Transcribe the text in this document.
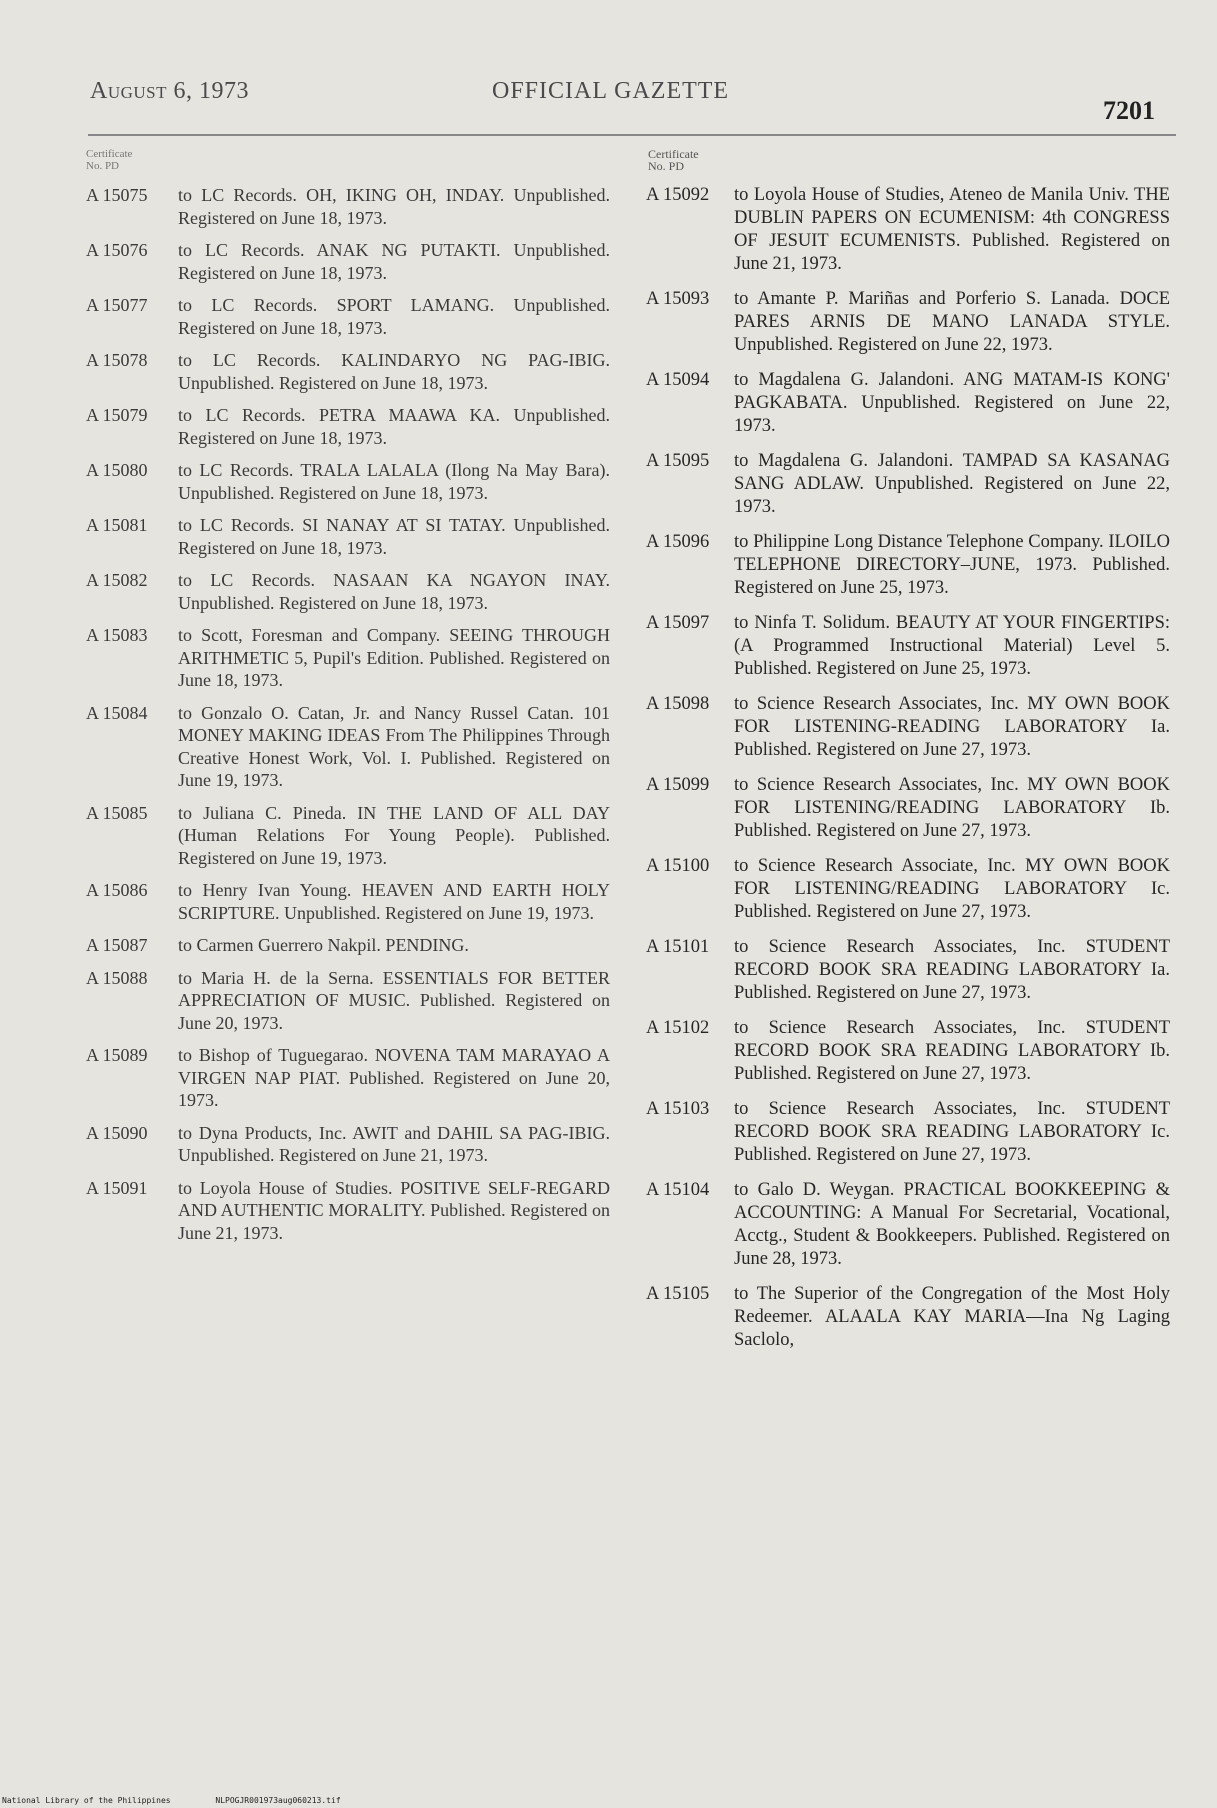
August 6, 1973	OFFICIAL GAZETTE
7201
Certificate
No. PD
A 15075 to LC Records. OH, IKING OH, INDAY. Unpublished. Registered on June 18, 1973.
A 15076 to LC Records. ANAK NG PUTAKTI. Unpublished. Registered on June 18, 1973.
A 15077 to LC Records. SPORT LAMANG. Unpublished. Registered on June 18, 1973.
A 15078 to LC Records. KALINDARYO NG PAG-IBIG. Unpublished. Registered on June 18, 1973.
A 15079 to LC Records. PETRA MAAWA KA. Unpublished. Registered on June 18, 1973.
A 15080 to LC Records. TRALA LALALA (Ilong Na May Bara). Unpublished. Registered on June 18, 1973.
A 15081 to LC Records. SI NANAY AT SI TATAY. Unpublished. Registered on June 18, 1973.
A 15082 to LC Records. NASAAN KA NGAYON INAY. Unpublished. Registered on June 18, 1973.
A 15083 to Scott, Foresman and Company. SEEING THROUGH ARITHMETIC 5, Pupil's Edition. Published. Registered on June 18, 1973.
A 15084 to Gonzalo O. Catan, Jr. and Nancy Russel Catan. 101 MONEY MAKING IDEAS From The Philippines Through Creative Honest Work, Vol. I. Published. Registered on June 19, 1973.
A 15085 to Juliana C. Pineda. IN THE LAND OF ALL DAY (Human Relations For Young People). Published. Registered on June 19, 1973.
A 15086 to Henry Ivan Young. HEAVEN AND EARTH HOLY SCRIPTURE. Unpublished. Registered on June 19, 1973.
A 15087 to Carmen Guerrero Nakpil. PENDING.
A 15088 to Maria H. de la Serna. ESSENTIALS FOR BETTER APPRECIATION OF MUSIC. Published. Registered on June 20, 1973.
A 15089 to Bishop of Tuguegarao. NOVENA TAM MARAYAO A VIRGEN NAP PIAT. Published. Registered on June 20, 1973.
A 15090 to Dyna Products, Inc. AWIT and DAHIL SA PAG-IBIG. Unpublished. Registered on June 21, 1973.
A 15091 to Loyola House of Studies. POSITIVE SELF-REGARD AND AUTHENTIC MORALITY. Published. Registered on June 21, 1973.
Certificate
No. PD
A 15092 to Loyola House of Studies, Ateneo de Manila Univ. THE DUBLIN PAPERS ON ECUMENISM: 4th CONGRESS OF JESUIT ECUMENISTS. Published. Registered on June 21, 1973.
A 15093 to Amante P. Mariñas and Porferio S. Lanada. DOCE PARES ARNIS DE MANO LANADA STYLE. Unpublished. Registered on June 22, 1973.
A 15094 to Magdalena G. Jalandoni. ANG MATAM-IS KONG' PAGKABATA. Unpublished. Registered on June 22, 1973.
A 15095 to Magdalena G. Jalandoni. TAMPAD SA KASANAG SANG ADLAW. Unpublished. Registered on June 22, 1973.
A 15096 to Philippine Long Distance Telephone Company. ILOILO TELEPHONE DIRECTORY–JUNE, 1973. Published. Registered on June 25, 1973.
A 15097 to Ninfa T. Solidum. BEAUTY AT YOUR FINGERTIPS: (A Programmed Instructional Material) Level 5. Published. Registered on June 25, 1973.
A 15098 to Science Research Associates, Inc. MY OWN BOOK FOR LISTENING-READING LABORATORY Ia. Published. Registered on June 27, 1973.
A 15099 to Science Research Associates, Inc. MY OWN BOOK FOR LISTENING/READING LABORATORY Ib. Published. Registered on June 27, 1973.
A 15100 to Science Research Associate, Inc. MY OWN BOOK FOR LISTENING/READING LABORATORY Ic. Published. Registered on June 27, 1973.
A 15101 to Science Research Associates, Inc. STUDENT RECORD BOOK SRA READING LABORATORY Ia. Published. Registered on June 27, 1973.
A 15102 to Science Research Associates, Inc. STUDENT RECORD BOOK SRA READING LABORATORY Ib. Published. Registered on June 27, 1973.
A 15103 to Science Research Associates, Inc. STUDENT RECORD BOOK SRA READING LABORATORY Ic. Published. Registered on June 27, 1973.
A 15104 to Galo D. Weygan. PRACTICAL BOOKKEEPING & ACCOUNTING: A Manual For Secretarial, Vocational, Acctg., Student & Bookkeepers. Published. Registered on June 28, 1973.
A 15105 to The Superior of the Congregation of the Most Holy Redeemer. ALAALA KAY MARIA—Ina Ng Laging Saclolo,
National Library of the Philippines	NLPOGJR001973aug060213.tif
